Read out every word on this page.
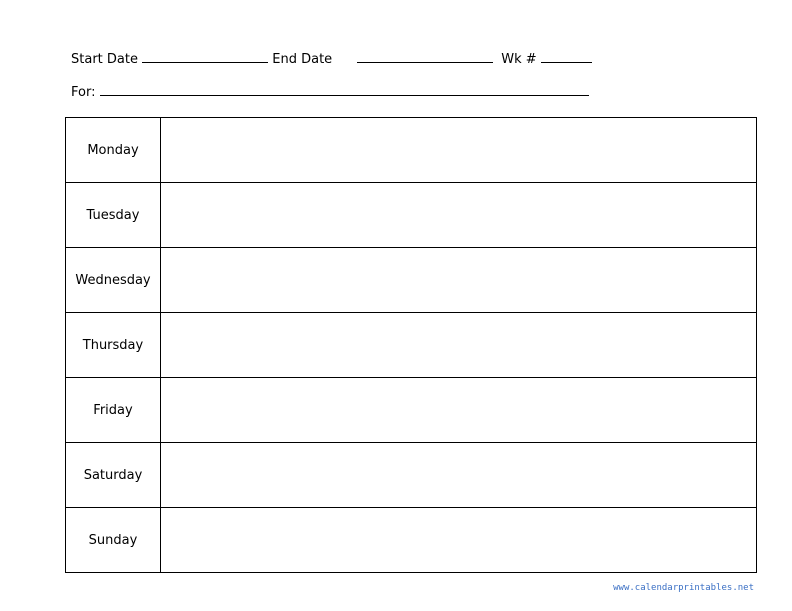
Start Date	End Date	Wk #
For:
Monday	
Tuesday	
Wednesday	
Thursday	
Friday	
Saturday	
Sunday	
www.calendarprintables.net
